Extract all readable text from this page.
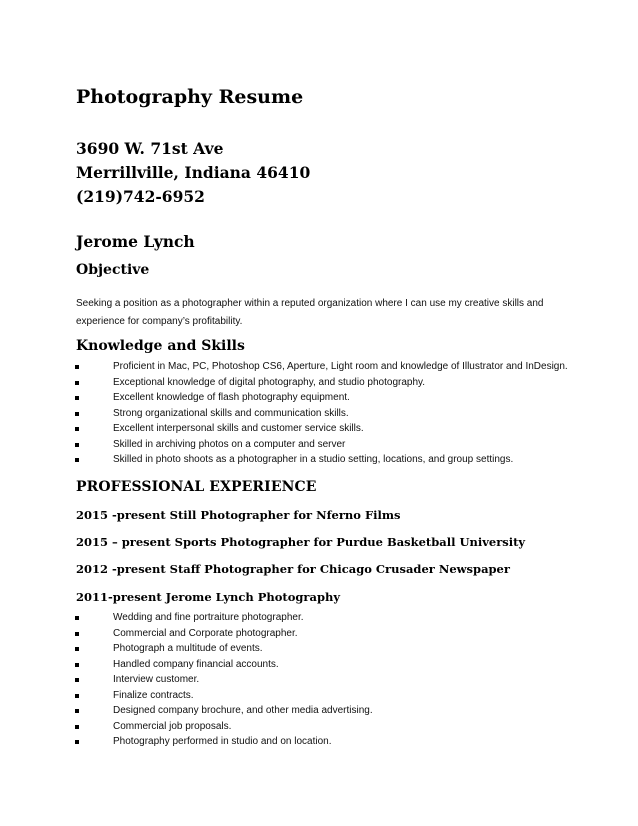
Photography Resume
3690 W. 71st Ave
Merrillville, Indiana 46410
(219)742-6952
Jerome Lynch
Objective
Seeking a position as a photographer within a reputed organization where I can use my creative skills and experience for company’s profitability.
Knowledge and Skills
Proficient in Mac, PC, Photoshop CS6, Aperture, Light room and knowledge of Illustrator and InDesign.
Exceptional knowledge of digital photography, and studio photography.
Excellent knowledge of flash photography equipment.
Strong organizational skills and communication skills.
Excellent interpersonal skills and customer service skills.
Skilled in archiving photos on a computer and server
Skilled in photo shoots as a photographer in a studio setting, locations, and group settings.
PROFESSIONAL EXPERIENCE
2015 -present Still Photographer for Nferno Films
2015 – present Sports Photographer for Purdue Basketball University
2012 -present Staff Photographer for Chicago Crusader Newspaper
2011-present Jerome Lynch Photography
Wedding and fine portraiture photographer.
Commercial and Corporate photographer.
Photograph a multitude of events.
Handled company financial accounts.
Interview customer.
Finalize contracts.
Designed company brochure, and other media advertising.
Commercial job proposals.
Photography performed in studio and on location.
